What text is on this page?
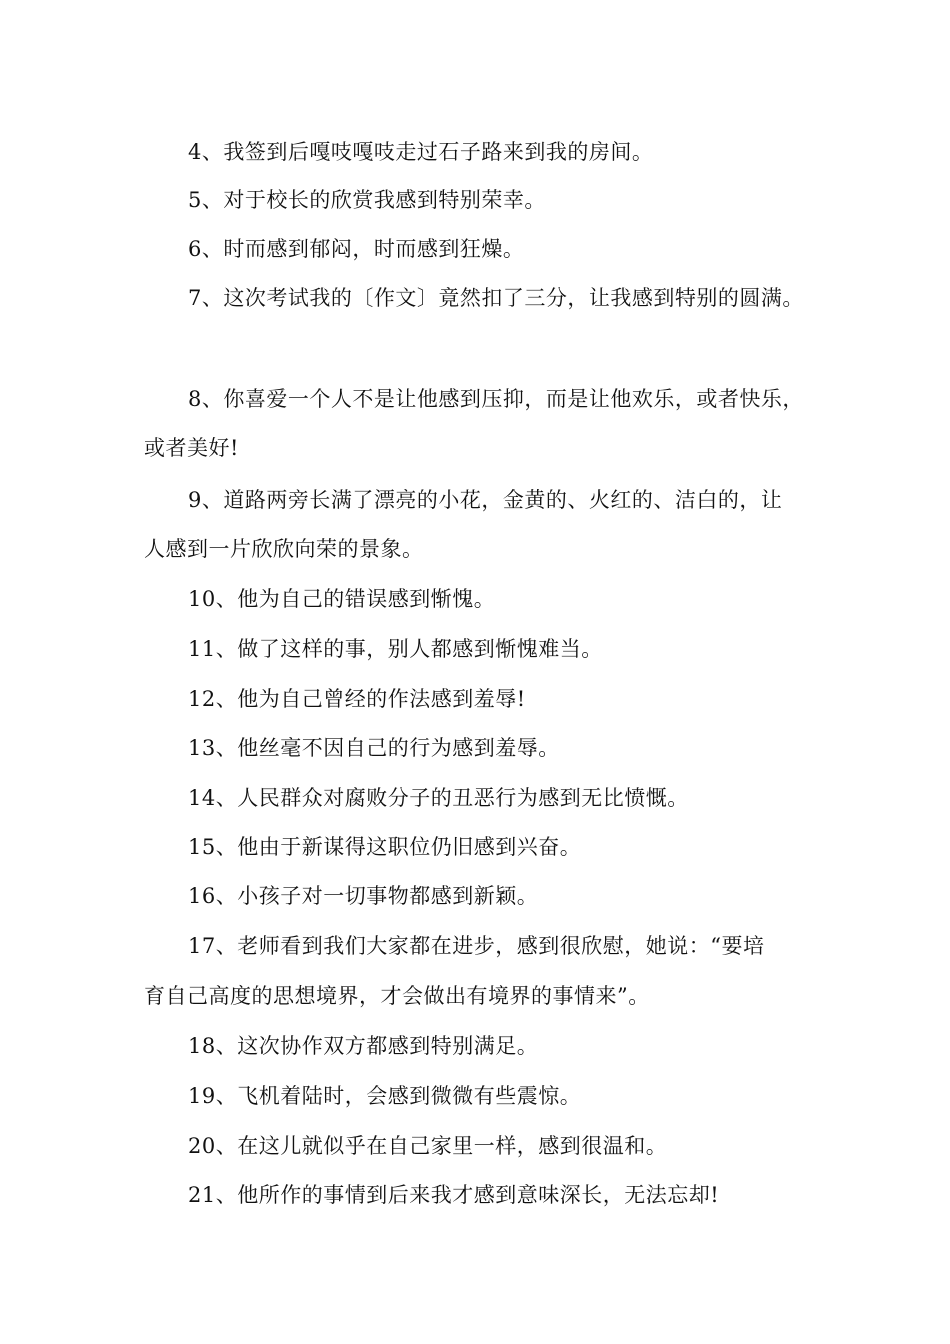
4、我签到后嘎吱嘎吱走过石子路来到我的房间。
5、对于校长的欣赏我感到特别荣幸。
6、时而感到郁闷，时而感到狂燥。
7、这次考试我的〔作文〕竟然扣了三分，让我感到特别的圆满。
8、你喜爱一个人不是让他感到压抑，而是让他欢乐，或者快乐，
或者美好!
9、道路两旁长满了漂亮的小花，金黄的、火红的、洁白的，让
人感到一片欣欣向荣的景象。
10、他为自己的错误感到惭愧。
11、做了这样的事，别人都感到惭愧难当。
12、他为自己曾经的作法感到羞辱!
13、他丝毫不因自己的行为感到羞辱。
14、人民群众对腐败分子的丑恶行为感到无比愤慨。
15、他由于新谋得这职位仍旧感到兴奋。
16、小孩子对一切事物都感到新颖。
17、老师看到我们大家都在进步，感到很欣慰，她说：“要培
育自己高度的思想境界，才会做出有境界的事情来”。
18、这次协作双方都感到特别满足。
19、飞机着陆时，会感到微微有些震惊。
20、在这儿就似乎在自己家里一样，感到很温和。
21、他所作的事情到后来我才感到意味深长，无法忘却!
